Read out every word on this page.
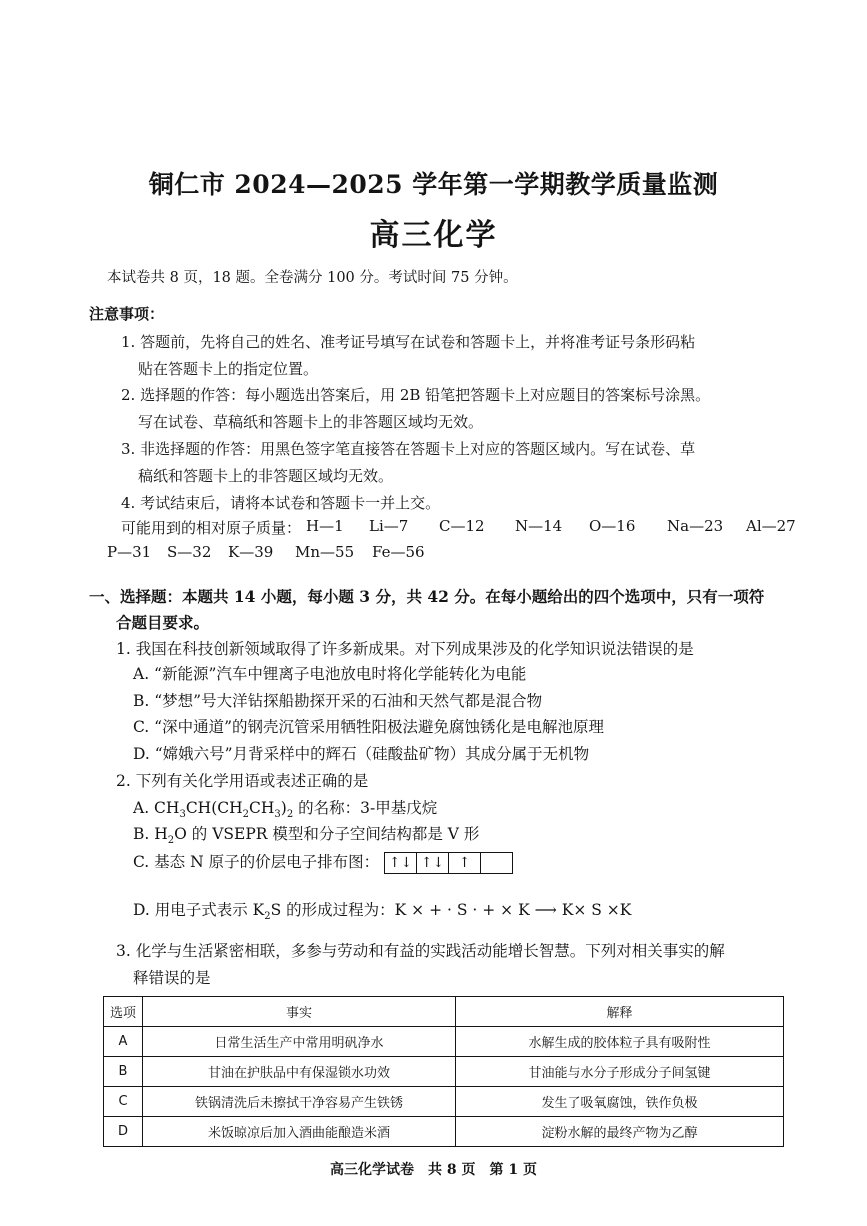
铜仁市 2024—2025 学年第一学期教学质量监测
高三化学
本试卷共 8 页，18 题。全卷满分 100 分。考试时间 75 分钟。
注意事项：
1. 答题前，先将自己的姓名、准考证号填写在试卷和答题卡上，并将准考证号条形码粘
贴在答题卡上的指定位置。
2. 选择题的作答：每小题选出答案后，用 2B 铅笔把答题卡上对应题目的答案标号涂黑。
写在试卷、草稿纸和答题卡上的非答题区域均无效。
3. 非选择题的作答：用黑色签字笔直接答在答题卡上对应的答题区域内。写在试卷、草
稿纸和答题卡上的非答题区域均无效。
4. 考试结束后，请将本试卷和答题卡一并上交。
可能用到的相对原子质量： H—1 Li—7 C—12 N—14 O—16 Na—23 Al—27
P—31 S—32 K—39 Mn—55 Fe—56
一、选择题：本题共 14 小题，每小题 3 分，共 42 分。在每小题给出的四个选项中，只有一项符
合题目要求。
1. 我国在科技创新领域取得了许多新成果。对下列成果涉及的化学知识说法错误的是
A. “新能源”汽车中锂离子电池放电时将化学能转化为电能
B. “梦想”号大洋钻探船勘探开采的石油和天然气都是混合物
C. “深中通道”的钢壳沉管采用牺牲阳极法避免腐蚀锈化是电解池原理
D. “嫦娥六号”月背采样中的辉石（硅酸盐矿物）其成分属于无机物
2. 下列有关化学用语或表述正确的是
A. $CH_3CH(CH_2CH_3)_2$ 的名称：3-甲基戊烷
B. $H_2O$ 的 VSEPR 模型和分子空间结构都是 V 形
C. 基态 N 原子的价层电子排布图： ↑↓ ↑↓ ↑
D. 用电子式表示 $K_2S$ 的形成过程为：K × + · S · + × K ⟶ K× S ×K
3. 化学与生活紧密相联，多参与劳动和有益的实践活动能增长智慧。下列对相关事实的解
释错误的是
选项	事实	解释
A	日常生活生产中常用明矾净水	水解生成的胶体粒子具有吸附性
B	甘油在护肤品中有保湿锁水功效	甘油能与水分子形成分子间氢键
C	铁锅清洗后未擦拭干净容易产生铁锈	发生了吸氧腐蚀，铁作负极
D	米饭晾凉后加入酒曲能酿造米酒	淀粉水解的最终产物为乙醇
高三化学试卷　共 8 页　第 1 页
